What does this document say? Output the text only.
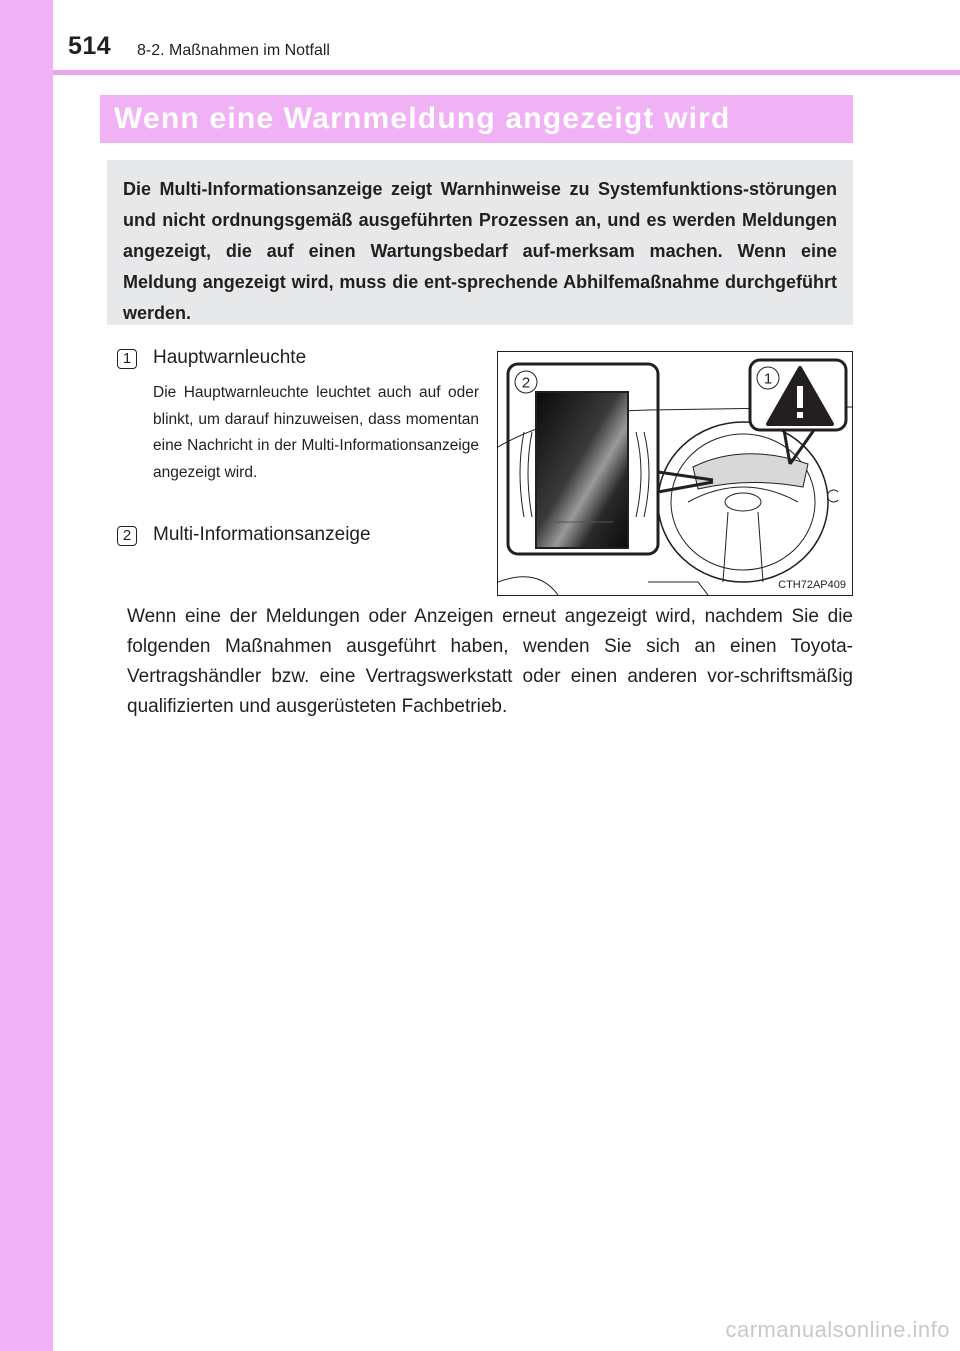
514 8-2. Maßnahmen im Notfall
Wenn eine Warnmeldung angezeigt wird

Die Multi-Informationsanzeige zeigt Warnhinweise zu Systemfunktions-störungen und nicht ordnungsgemäß ausgeführten Prozessen an, und es werden Meldungen angezeigt, die auf einen Wartungsbedarf auf-merksam machen. Wenn eine Meldung angezeigt wird, muss die ent-sprechende Abhilfemaßnahme durchgeführt werden.

1	Hauptwarnleuchte

Die Hauptwarnleuchte leuchtet auch auf oder blinkt, um darauf hinzuweisen, dass momentan eine Nachricht in der Multi-Informationsanzeige angezeigt wird.

2	Multi-Informationsanzeige
2	1
CTH72AP409

Wenn eine der Meldungen oder Anzeigen erneut angezeigt wird, nachdem Sie die folgenden Maßnahmen ausgeführt haben, wenden Sie sich an einen Toyota-Vertragshändler bzw. eine Vertragswerkstatt oder einen anderen vor-schriftsmäßig qualifizierten und ausgerüsteten Fachbetrieb.

carmanualsonline.info
